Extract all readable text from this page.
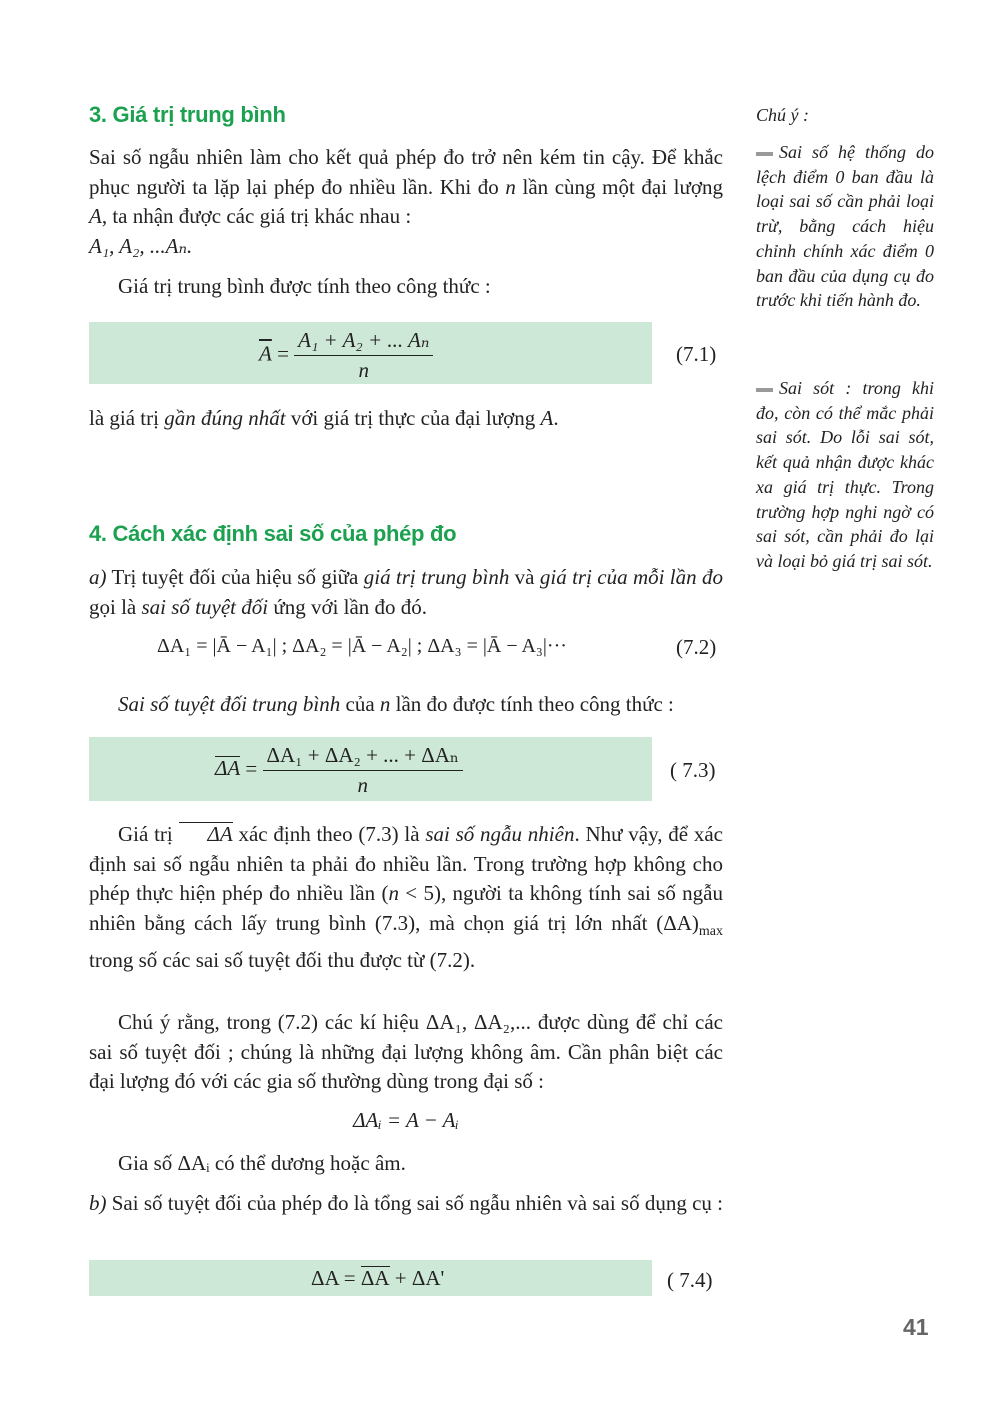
3. Giá trị trung bình
Sai số ngẫu nhiên làm cho kết quả phép đo trở nên kém tin cậy. Để khắc phục người ta lặp lại phép đo nhiều lần. Khi đo n lần cùng một đại lượng A, ta nhận được các giá trị khác nhau :
A₁, A₂, ...Aₙ.
Giá trị trung bình được tính theo công thức :
$\overline{A} = \frac{\text{A₁ + A₂ + ... Aₙ}}{n}$	(7.1)
là giá trị gần đúng nhất với giá trị thực của đại lượng A.
4. Cách xác định sai số của phép đo
a) Trị tuyệt đối của hiệu số giữa giá trị trung bình và giá trị của mỗi lần đo gọi là sai số tuyệt đối ứng với lần đo đó.
ΔA₁ = |Ā − A₁| ; ΔA₂ = |Ā − A₂| ; ΔA₃ = |Ā − A₃|···	(7.2)
Sai số tuyệt đối trung bình của n lần đo được tính theo công thức :
$\Delta A = \frac{\text{ΔA₁ + ΔA₂ + ... + ΔAₙ}}{n}$	( 7.3)
Giá trị ΔA xác định theo (7.3) là sai số ngẫu nhiên. Như vậy, để xác định sai số ngẫu nhiên ta phải đo nhiều lần. Trong trường hợp không cho phép thực hiện phép đo nhiều lần (n < 5), người ta không tính sai số ngẫu nhiên bằng cách lấy trung bình (7.3), mà chọn giá trị lớn nhất $(\Delta A)_{max}$ trong số các sai số tuyệt đối thu được từ (7.2).
Chú ý rằng, trong (7.2) các kí hiệu ΔA₁, ΔA₂,... được dùng để chỉ các sai số tuyệt đối ; chúng là những đại lượng không âm. Cần phân biệt các đại lượng đó với các gia số thường dùng trong đại số :
ΔAᵢ = A − Aᵢ
Gia số ΔAᵢ có thể dương hoặc âm.
b) Sai số tuyệt đối của phép đo là tổng sai số ngẫu nhiên và sai số dụng cụ :
ΔA = ΔA + ΔA'	( 7.4)
Chú ý :
Sai số hệ thống do lệch điểm 0 ban đầu là loại sai số cần phải loại trừ, bằng cách hiệu chỉnh chính xác điểm 0 ban đầu của dụng cụ đo trước khi tiến hành đo.
Sai sót : trong khi đo, còn có thể mắc phải sai sót. Do lỗi sai sót, kết quả nhận được khác xa giá trị thực. Trong trường hợp nghi ngờ có sai sót, cần phải đo lại và loại bỏ giá trị sai sót.
41
